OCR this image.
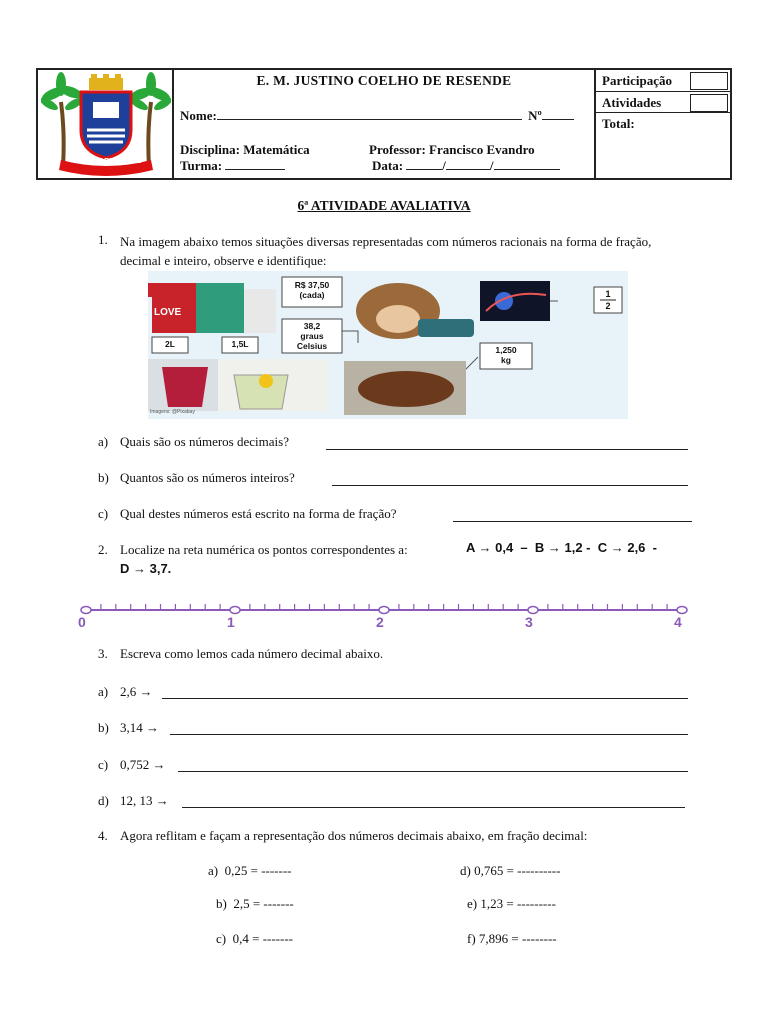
26/09 BARRAS 1841
E. M. JUSTINO COELHO DE RESENDE
Nome:	Nº
Disciplina: Matemática	Professor: Francisco Evandro
Turma:	Data:	/	/
Participação
Atividades
Total:
6ª ATIVIDADE AVALIATIVA
1. Na imagem abaixo temos situações diversas representadas com números racionais na forma de fração, decimal e inteiro, observe e identifique:
R$ 37,50
(cada)
38,2
graus
Celsius
1
2
1,250
kg
2L	1,5L
LOVE
Imagens: @Pixabay
a) Quais são os números decimais?
b) Quantos são os números inteiros?
c) Qual destes números está escrito na forma de fração?
2. Localize na reta numérica os pontos correspondentes a:	A → 0,4  –  B → 1,2 -  C → 2,6  -
D → 3,7.
0	1	2	3	4
3. Escreva como lemos cada número decimal abaixo.
a) 2,6 →
b) 3,14 →
c) 0,752 →
d) 12, 13 →
4. Agora reflitam e façam a representação dos números decimais abaixo, em fração decimal:
a) 0,25 = -------
b) 2,5 = -------
c) 0,4 = -------
d) 0,765 = ----------
e) 1,23 = ---------
f) 7,896 = --------
